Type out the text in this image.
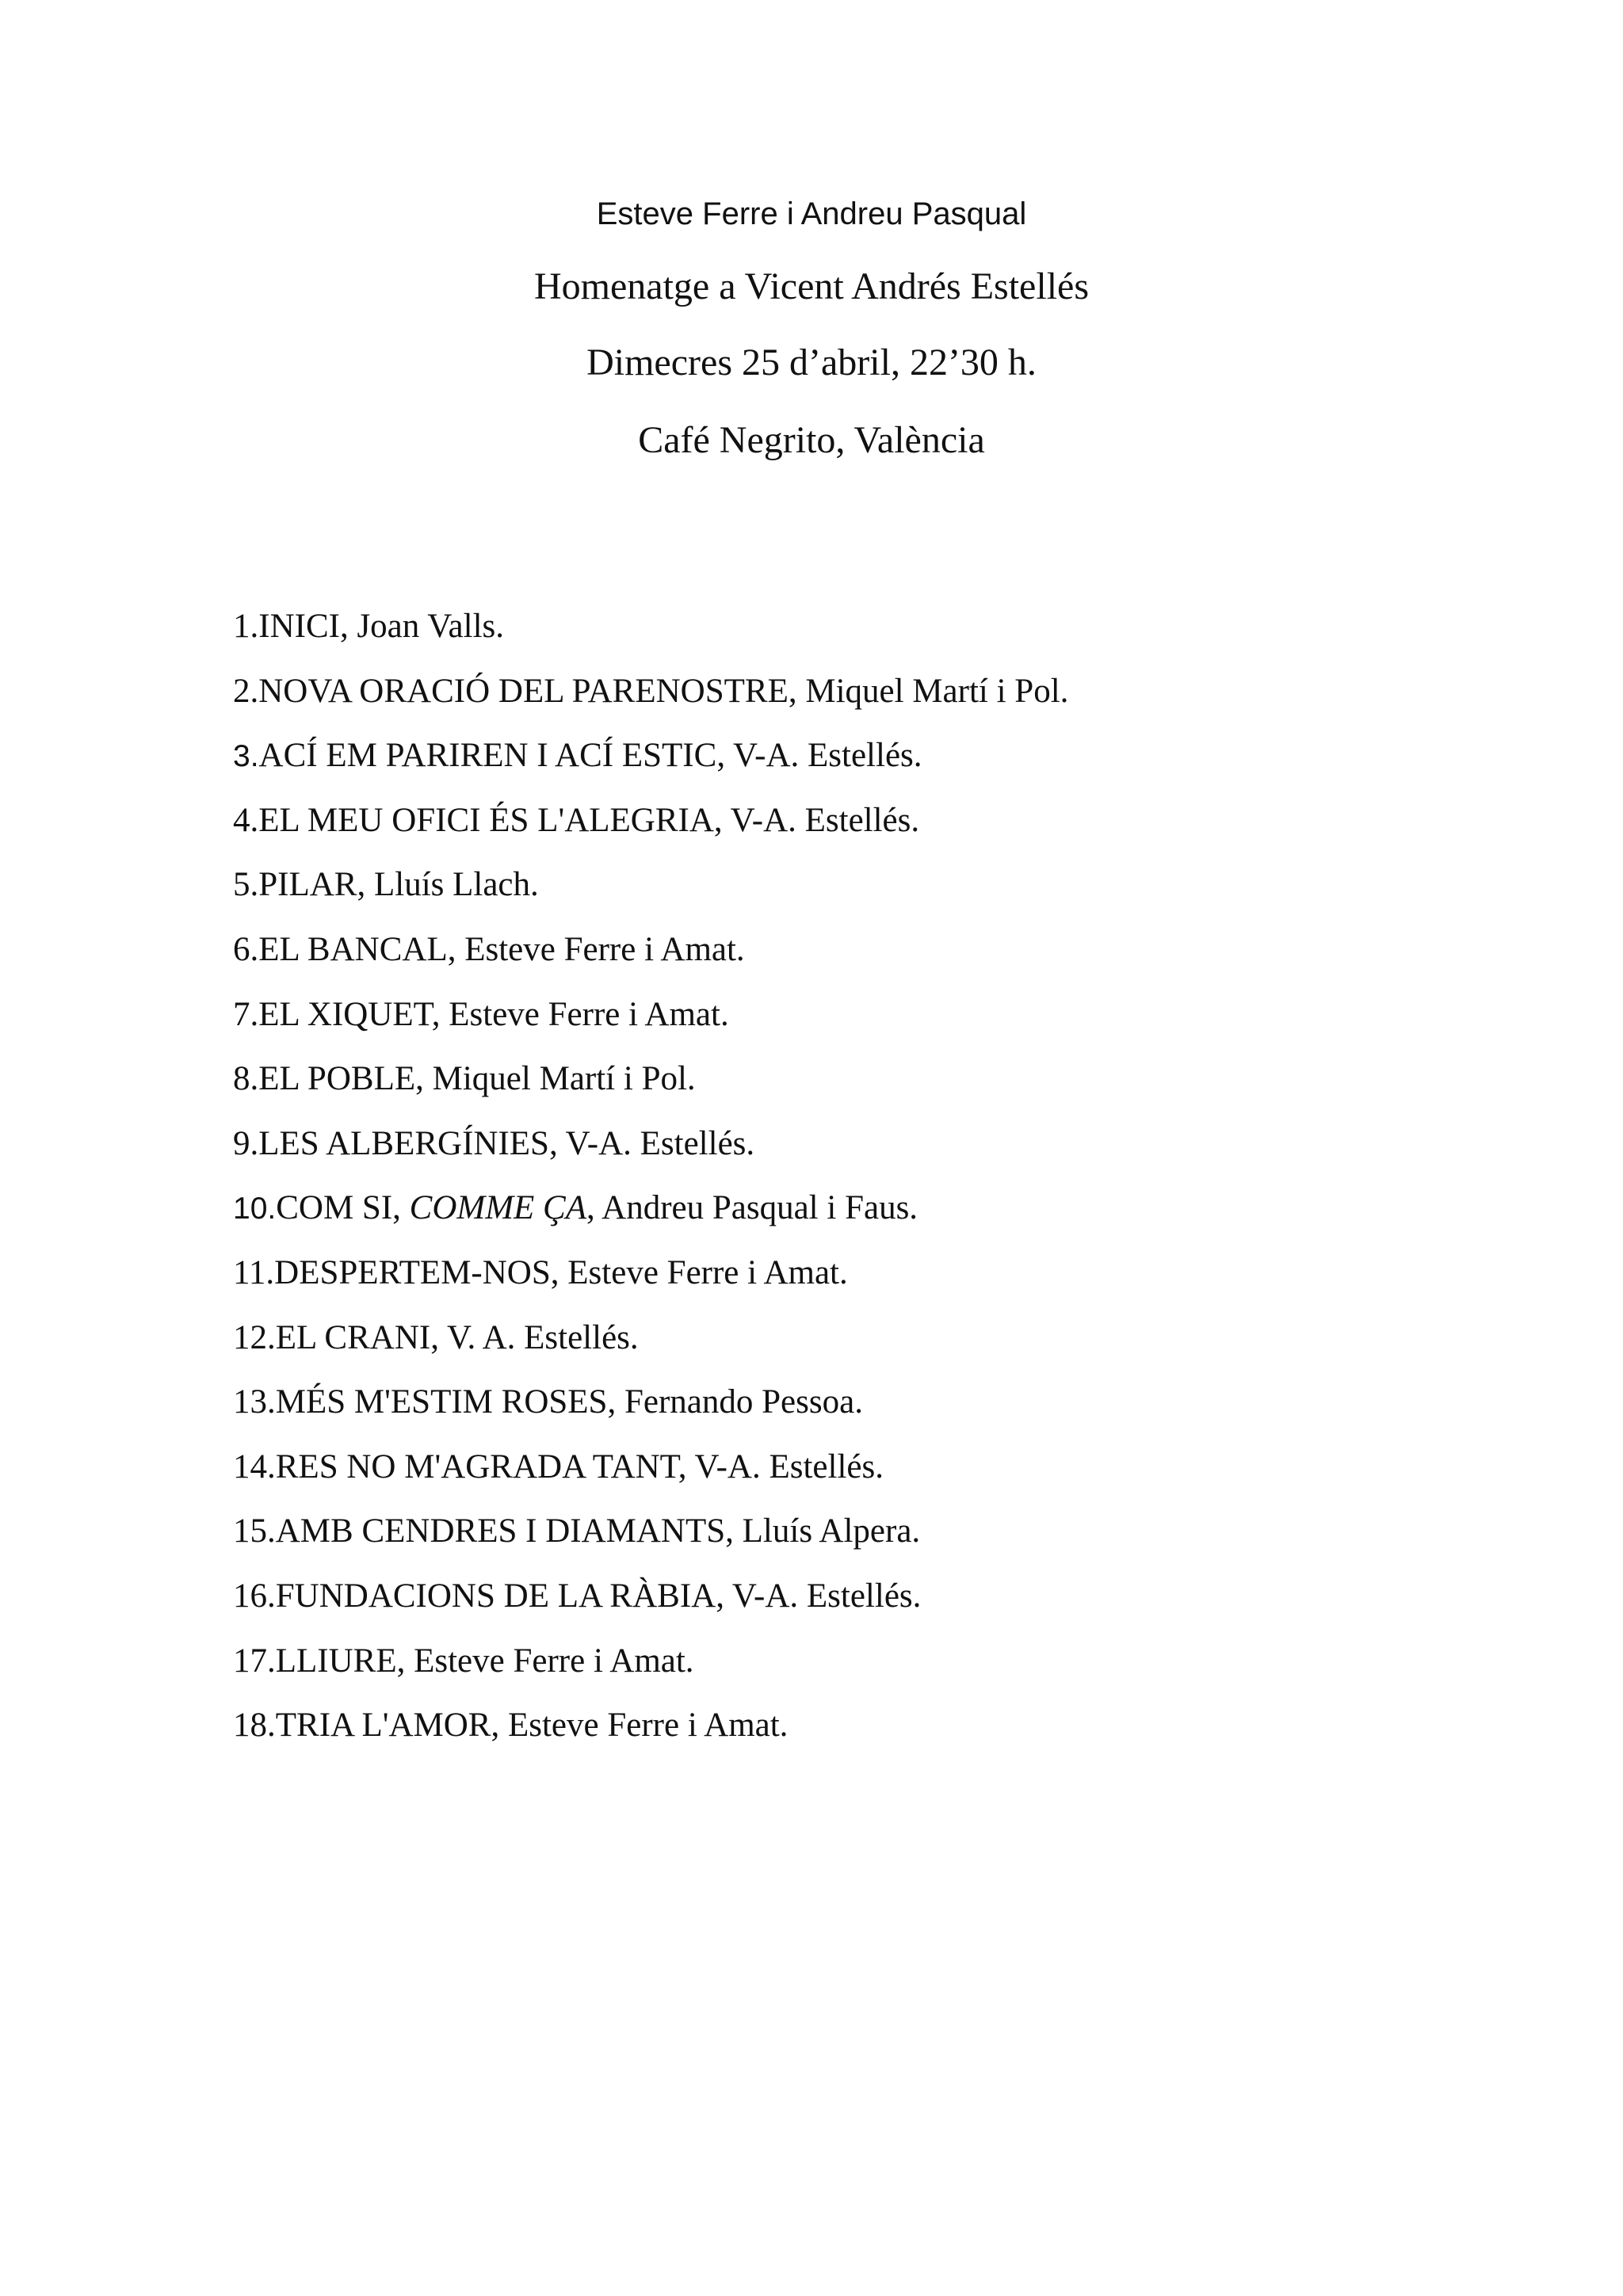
Esteve Ferre i Andreu Pasqual
Homenatge a Vicent Andrés Estellés
Dimecres 25 d’abril, 22’30 h.
Café Negrito, València
1.INICI, Joan Valls.
2.NOVA ORACIÓ DEL PARENOSTRE, Miquel Martí i Pol.
3.ACÍ EM PARIREN I ACÍ ESTIC, V-A. Estellés.
4.EL MEU OFICI ÉS L'ALEGRIA, V-A. Estellés.
5.PILAR, Lluís Llach.
6.EL BANCAL, Esteve Ferre i Amat.
7.EL XIQUET, Esteve Ferre i Amat.
8.EL POBLE, Miquel Martí i Pol.
9.LES ALBERGÍNIES, V-A. Estellés.
10.COM SI, COMME ÇA, Andreu Pasqual i Faus.
11.DESPERTEM-NOS, Esteve Ferre i Amat.
12.EL CRANI, V. A. Estellés.
13.MÉS M'ESTIM ROSES, Fernando Pessoa.
14.RES NO M'AGRADA TANT, V-A. Estellés.
15.AMB CENDRES I DIAMANTS, Lluís Alpera.
16.FUNDACIONS DE LA RÀBIA, V-A. Estellés.
17.LLIURE, Esteve Ferre i Amat.
18.TRIA L'AMOR, Esteve Ferre i Amat.
